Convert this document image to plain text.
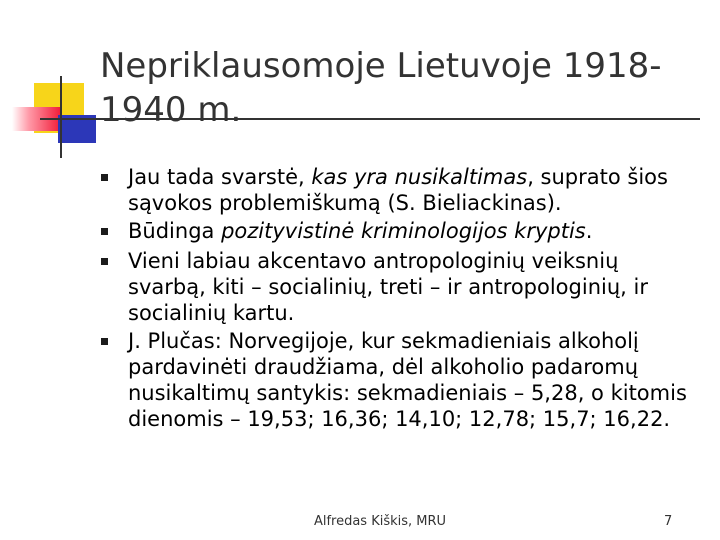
Nepriklausomoje Lietuvoje 1918-1940 m.
Jau tada svarstė, kas yra nusikaltimas, suprato šios sąvokos problemiškumą (S. Bieliackinas).
Būdinga pozityvistinė kriminologijos kryptis.
Vieni labiau akcentavo antropologinių veiksnių svarbą, kiti – socialinių, treti – ir antropologinių, ir socialinių kartu.
J. Plučas: Norvegijoje, kur sekmadieniais alkoholį pardavinėti draudžiama, dėl alkoholio padaromų nusikaltimų santykis: sekmadieniais – 5,28, o kitomis dienomis – 19,53; 16,36; 14,10; 12,78; 15,7; 16,22.
Alfredas Kiškis, MRU	7
